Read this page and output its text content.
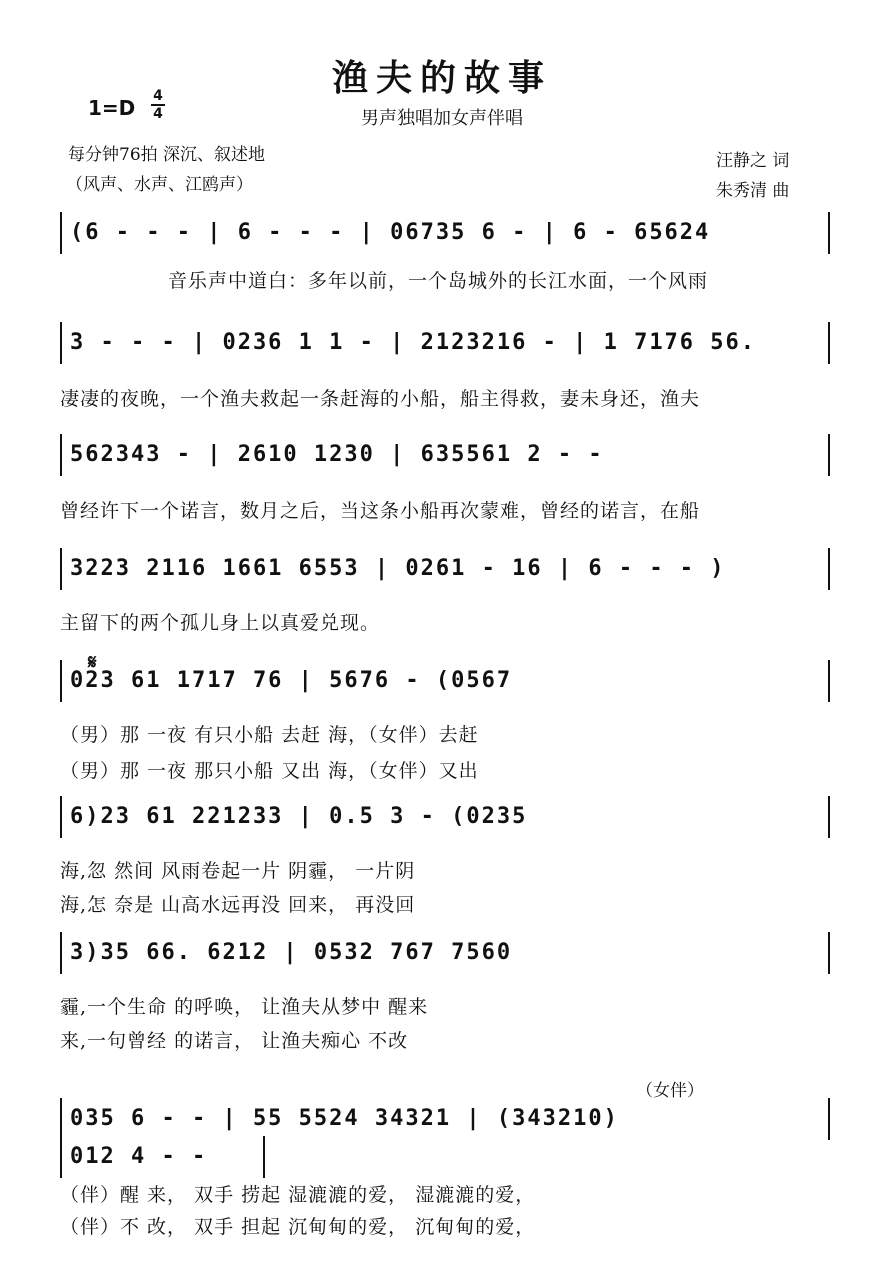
渔夫的故事
男声独唱加女声伴唱
1=D 4
4
每分钟76拍 深沉、叙述地
（风声、水声、江鸥声）
汪静之 词
朱秀清 曲
(6 - - - | 6 - - - | 06735 6 - | 6 - 65624
音乐声中道白：多年以前，一个岛城外的长江水面，一个风雨
3 - - - | 0236 1 1 - | 2123216 - | 1 7176 56.
凄凄的夜晚，一个渔夫救起一条赶海的小船，船主得救，妻未身还，渔夫
562343 - | 2610 1230 | 635561 2 - -
曾经许下一个诺言，数月之后，当这条小船再次蒙难，曾经的诺言，在船
3223 2116 1661 6553 | 0261 - 16 | 6 - - - )
主留下的两个孤儿身上以真爱兑现。
𝄋
023 61 1717 76 | 5676 - (0567
（男）那 一夜 有只小船 去赶 海，（女伴）去赶
（男）那 一夜 那只小船 又出 海，（女伴）又出
6)23 61 221233 | 0.5 3 - (0235
海,忽 然间 风雨卷起一片 阴霾， 一片阴
海,怎 奈是 山高水远再没 回来， 再没回
3)35 66. 6212 | 0532 767 7560
霾,一个生命 的呼唤， 让渔夫从梦中 醒来
来,一句曾经 的诺言， 让渔夫痴心 不改
（女伴）
035 6 - - | 55 5524 34321 | (343210)
012 4 - -
（伴）醒 来， 双手 捞起 湿漉漉的爱， 湿漉漉的爱，
（伴）不 改， 双手 担起 沉甸甸的爱， 沉甸甸的爱，
